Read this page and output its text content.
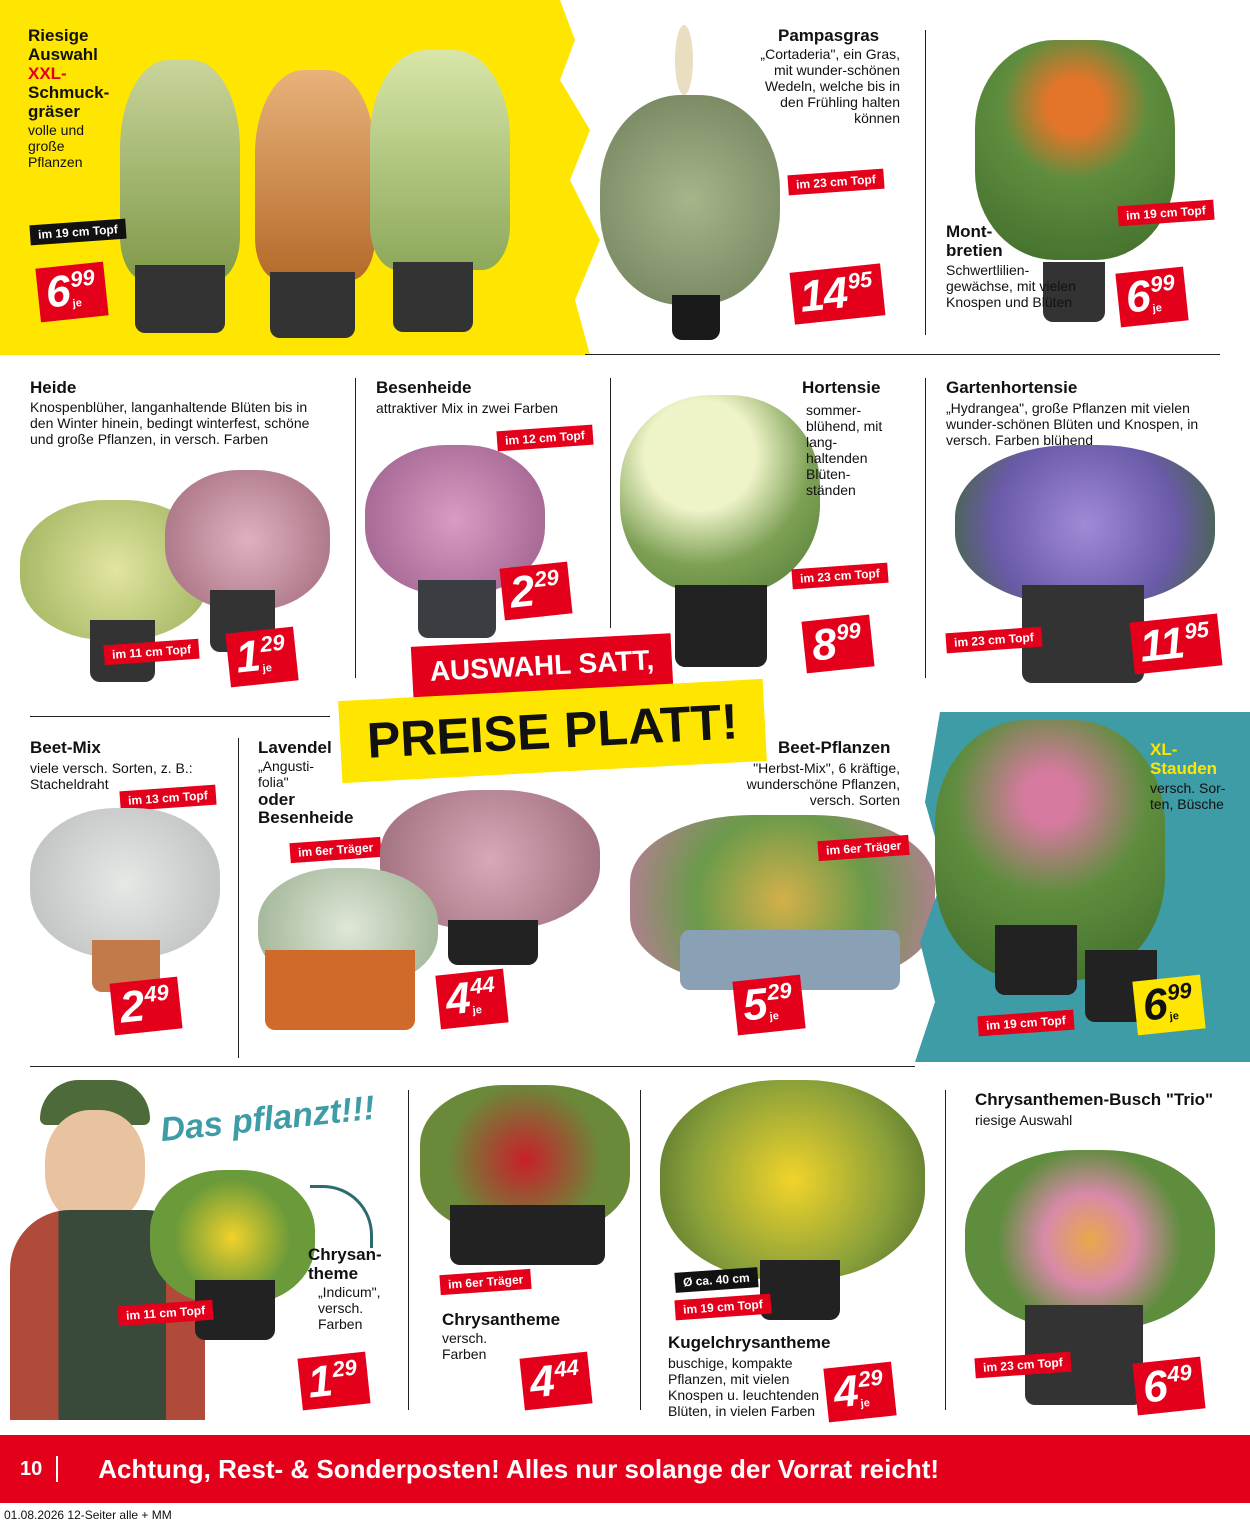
Riesige Auswahl
XXL-
Schmuck-gräser
volle und große Pflanzen
im 19 cm Topf
6
99
je
Pampasgras
„Cortaderia", ein Gras, mit wunder-schönen Wedeln, welche bis in den Frühling halten können
im 23 cm Topf
14
95
im 19 cm Topf
Mont-bretien
Schwertlilien-gewächse, mit vielen Knospen und Blüten 6
99
je
Heide
Knospenblüher, langanhaltende Blüten bis in den Winter hinein, bedingt winterfest, schöne und große Pflanzen, in versch. Farben
im 11 cm Topf 1
29
je
Besenheide
attraktiver Mix in zwei Farben
im 12 cm Topf
2
29
Hortensie
sommer-blühend, mit lang-haltenden Blüten-ständen
im 23 cm Topf
8
99
Gartenhortensie
„Hydrangea", große Pflanzen mit vielen wunder-schönen Blüten und Knospen, in versch. Farben blühend
im 23 cm Topf 11
95
AUSWAHL SATT,
PREISE PLATT!
Beet-Mix
viele versch. Sorten, z. B.: Stacheldraht
im 13 cm Topf
2
49
Lavendel
„Angusti-folia"
oder
Besenheide
im 6er Träger
4
44
je
Beet-Pflanzen
"Herbst-Mix", 6 kräftige, wunderschöne Pflanzen, versch. Sorten
im 6er Träger
5
29
je
XL-
Stauden
versch. Sor-ten, Büsche
6
99
je
im 19 cm Topf
Das pflanzt!!!
Chrysan-theme
„Indicum", versch. Farben
im 11 cm Topf
1
29
im 6er Träger
Chrysantheme
versch. Farben
4
44
Ø ca. 40 cm
im 19 cm Topf
Kugelchrysantheme
buschige, kompakte Pflanzen, mit vielen Knospen u. leuchtenden Blüten, in vielen Farben 4
29
je
Chrysanthemen-Busch "Trio"
riesige Auswahl
im 23 cm Topf 6
49
10 Achtung, Rest- & Sonderposten! Alles nur solange der Vorrat reicht!
01.08.2026 12-Seiter alle + MM
